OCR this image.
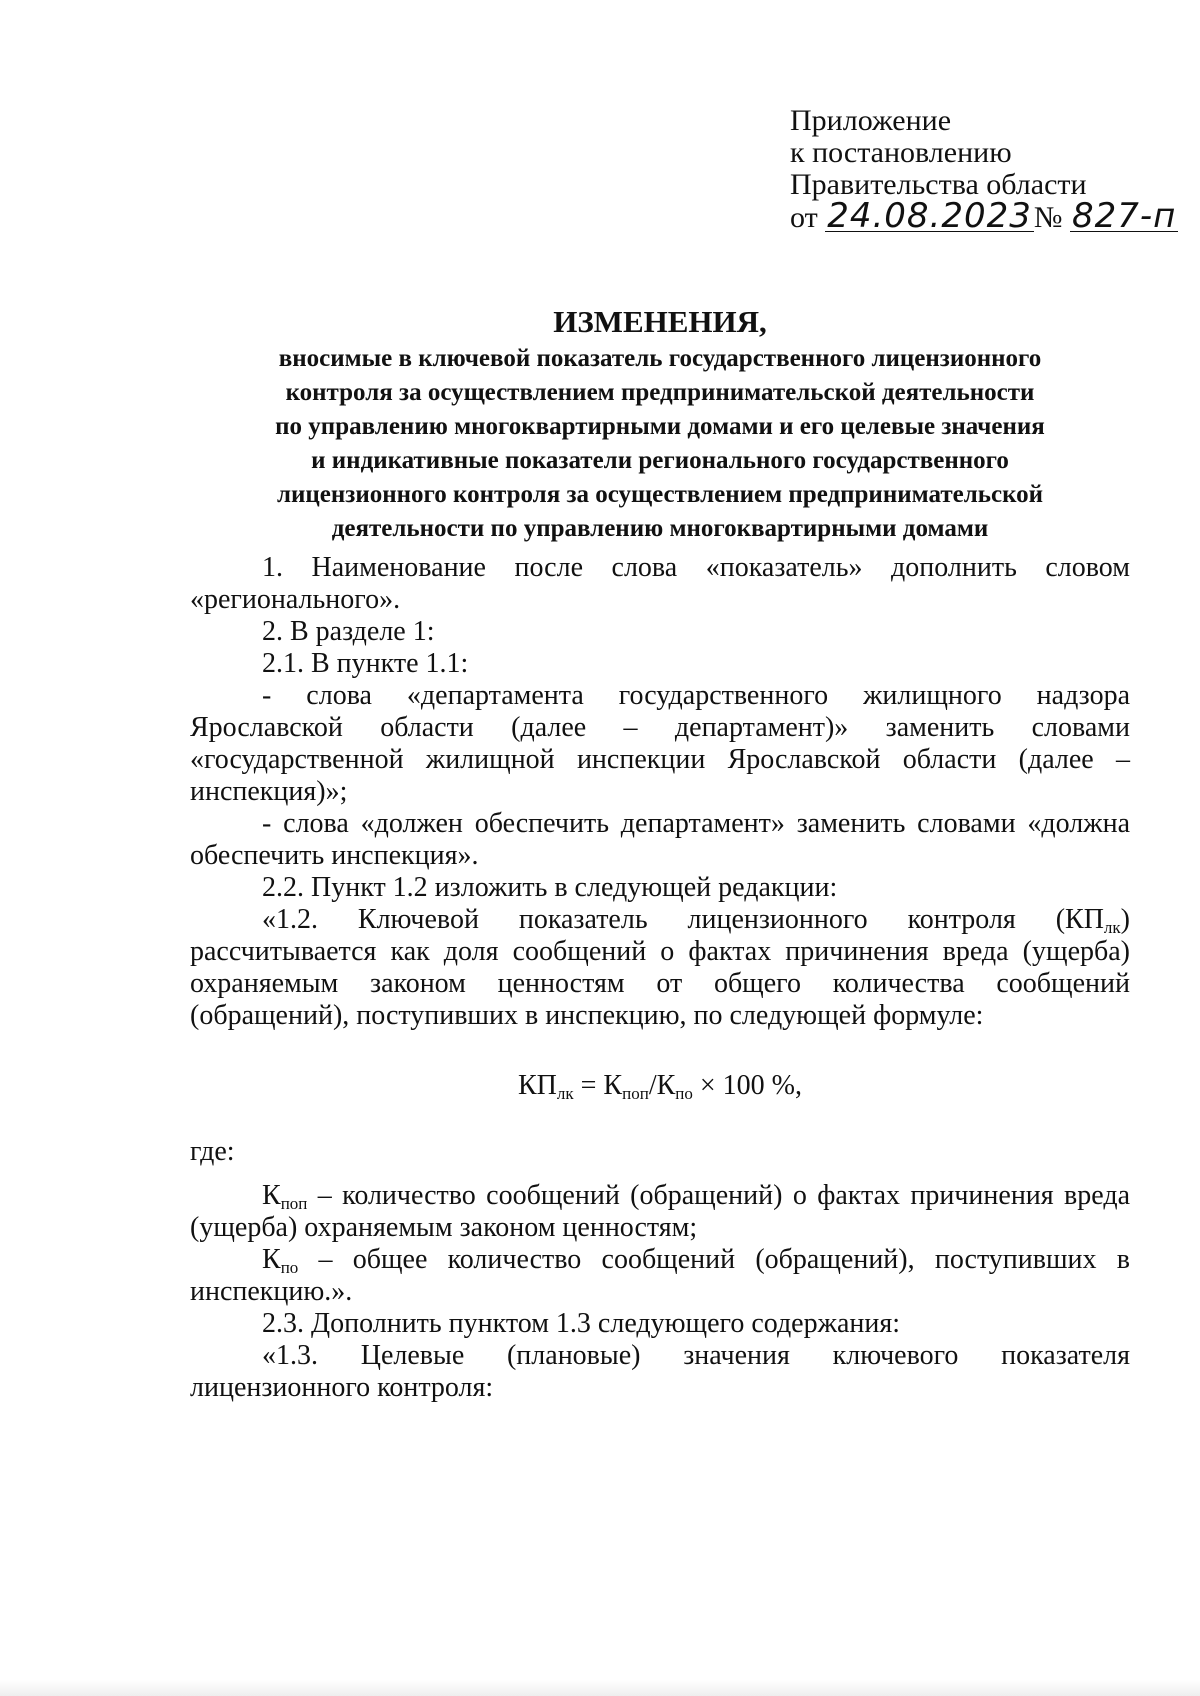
Приложение
к постановлению
Правительства области
от 24.08.2023№ 827-п
ИЗМЕНЕНИЯ,
вносимые в ключевой показатель государственного лицензионного
контроля за осуществлением предпринимательской деятельности
по управлению многоквартирными домами и его целевые значения
и индикативные показатели регионального государственного
лицензионного контроля за осуществлением предпринимательской
деятельности по управлению многоквартирными домами

1. Наименование после слова «показатель» дополнить словом «регионального».

2. В разделе 1:

2.1. В пункте 1.1:

- слова «департамента государственного жилищного надзора Ярославской области (далее – департамент)» заменить словами «государственной жилищной инспекции Ярославской области (далее – инспекция)»;

- слова «должен обеспечить департамент» заменить словами «должна обеспечить инспекция».

2.2. Пункт 1.2 изложить в следующей редакции:

«1.2. Ключевой показатель лицензионного контроля $(КП_{лк})$ рассчитывается как доля сообщений о фактах причинения вреда (ущерба) охраняемым законом ценностям от общего количества сообщений (обращений), поступивших в инспекцию, по следующей формуле:

$КП_{лк} = К_{поп}/К_{по} \times 100$ %,

где:

$К_{поп}$ – количество сообщений (обращений) о фактах причинения вреда (ущерба) охраняемым законом ценностям;

$К_{по}$ – общее количество сообщений (обращений), поступивших в инспекцию.».

2.3. Дополнить пунктом 1.3 следующего содержания:

«1.3. Целевые (плановые) значения ключевого показателя лицензионного контроля:
